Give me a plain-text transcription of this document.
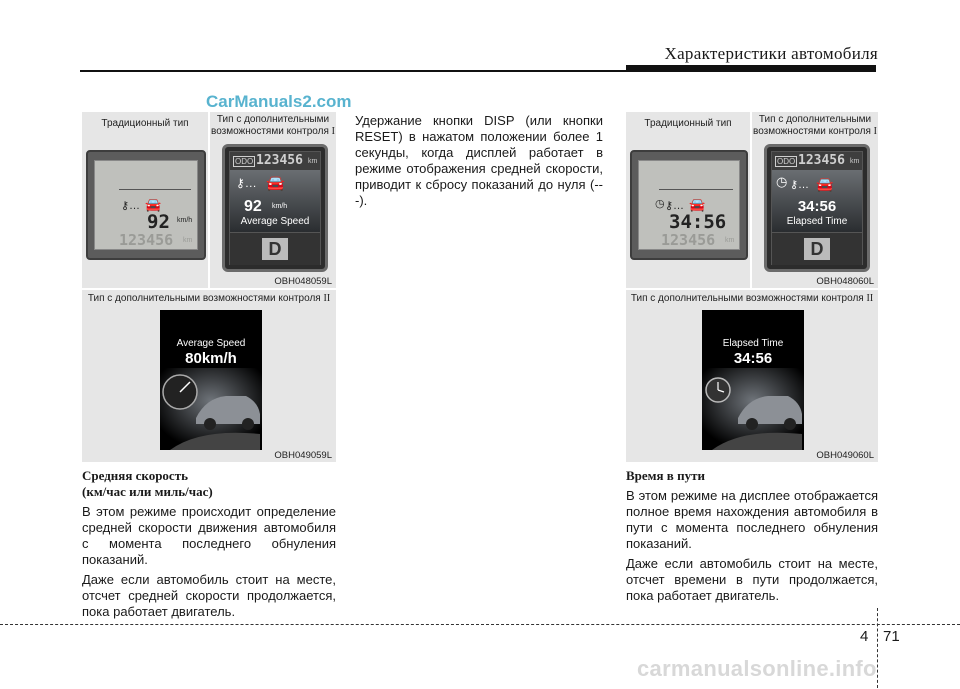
Характеристики автомобиля
CarManuals2.com
Традиционный тип	Тип с дополнительными
возможностями контроля I
⚷… 🚘
92 km/h
123456 km
ODO 123456 km
⚷… 🚘
92 km/h
Average Speed
D
OBH048059L
Тип с дополнительными возможностями контроля II
Average Speed
80km/h
OBH049059L
Средняя скорость
(км/час или миль/час)
В этом режиме происходит определение средней скорости движения автомобиля с момента последнего обнуления показаний.
Даже если автомобиль стоит на месте, отсчет средней скорости продолжается, пока работает двигатель.
Удержание кнопки DISP (или кнопки RESET) в нажатом положении более 1 секунды, когда дисплей работает в режиме отображения средней скорости, приводит к сбросу показаний до нуля (---).
Традиционный тип	Тип с дополнительными
возможностями контроля I
◷ ⚷… 🚘
34:56
123456 km
ODO 123456 km
◷ ⚷… 🚘
34:56
Elapsed Time
D
OBH048060L
Тип с дополнительными возможностями контроля II
Elapsed Time
34:56
OBH049060L
Время в пути
В этом режиме на дисплее отображается полное время нахождения автомобиля в пути с момента последнего обнуления показаний.
Даже если автомобиль стоит на месте, отсчет времени в пути продолжается, пока работает двигатель.
4 71
carmanualsonline.info
